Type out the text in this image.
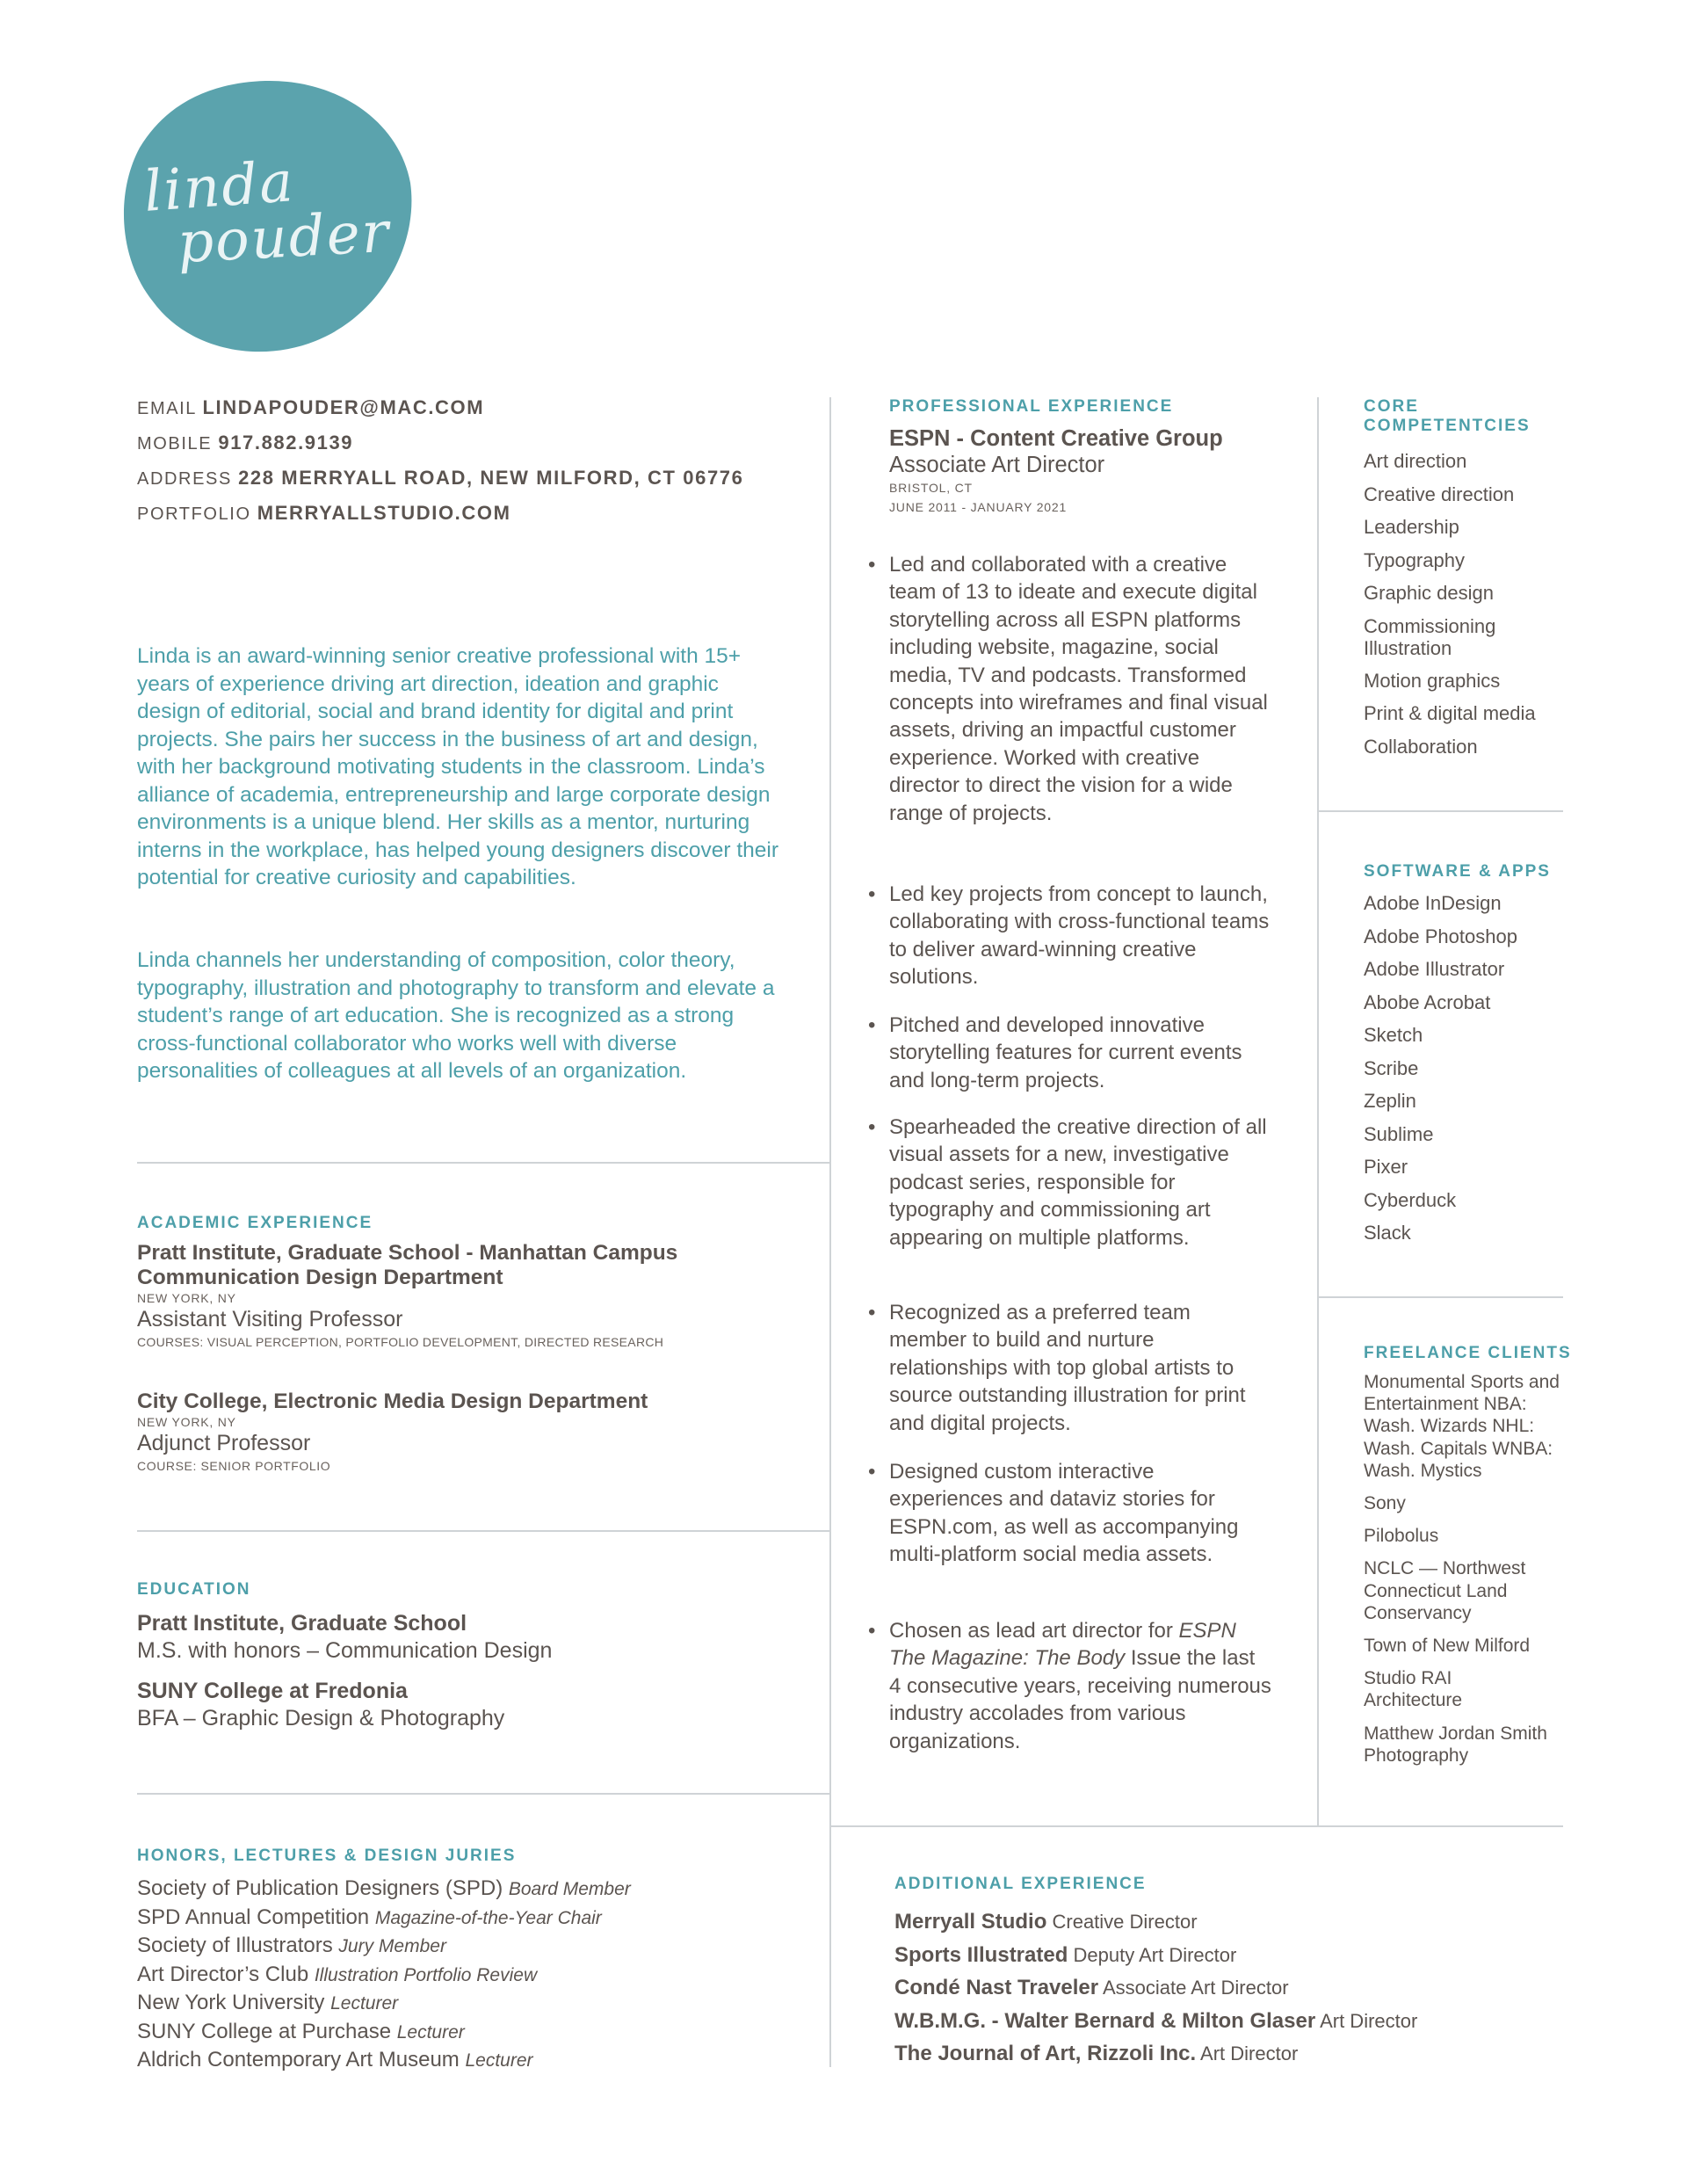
linda
pouder
EMAIL LINDAPOUDER@MAC.COM
MOBILE 917.882.9139
ADDRESS 228 MERRYALL ROAD, NEW MILFORD, CT 06776
PORTFOLIO MERRYALLSTUDIO.COM
Linda is an award-winning senior creative professional with 15+ years of experience driving art direction, ideation and graphic design of editorial, social and brand identity for digital and print projects. She pairs her success in the business of art and design, with her background motivating students in the classroom. Linda’s alliance of academia, entrepreneurship and large corporate design environments is a unique blend. Her skills as a mentor, nurturing interns in the workplace, has helped young designers discover their potential for creative curiosity and capabilities.
Linda channels her understanding of composition, color theory, typography, illustration and photography to transform and elevate a student’s range of art education. She is recognized as a strong cross-functional collaborator who works well with diverse personalities of colleagues at all levels of an organization.
ACADEMIC EXPERIENCE
Pratt Institute, Graduate School - Manhattan Campus
Communication Design Department
NEW YORK, NY
Assistant Visiting Professor
COURSES: VISUAL PERCEPTION, PORTFOLIO DEVELOPMENT, DIRECTED RESEARCH
City College, Electronic Media Design Department
NEW YORK, NY
Adjunct Professor
COURSE: SENIOR PORTFOLIO
EDUCATION
Pratt Institute, Graduate School
M.S. with honors – Communication Design
SUNY College at Fredonia
BFA – Graphic Design & Photography
HONORS, LECTURES & DESIGN JURIES
Society of Publication Designers (SPD) Board Member
SPD Annual Competition Magazine-of-the-Year Chair
Society of Illustrators Jury Member
Art Director’s Club Illustration Portfolio Review
New York University Lecturer
SUNY College at Purchase Lecturer
Aldrich Contemporary Art Museum Lecturer
PROFESSIONAL EXPERIENCE
ESPN - Content Creative Group
Associate Art Director
BRISTOL, CT
JUNE 2011 - JANUARY 2021
• Led and collaborated with a creative team of 13 to ideate and execute digital storytelling across all ESPN platforms including website, magazine, social media, TV and podcasts. Transformed concepts into wireframes and final visual assets, driving an impactful customer experience. Worked with creative director to direct the vision for a wide range of projects.
• Led key projects from concept to launch, collaborating with cross-functional teams to deliver award-winning creative solutions.
• Pitched and developed innovative storytelling features for current events and long-term projects.
• Spearheaded the creative direction of all visual assets for a new, investigative podcast series, responsible for typography and commissioning art appearing on multiple platforms.
• Recognized as a preferred team member to build and nurture relationships with top global artists to source outstanding illustration for print and digital projects.
• Designed custom interactive experiences and dataviz stories for ESPN.com, as well as accompanying multi-platform social media assets.
• Chosen as lead art director for ESPN The Magazine: The Body Issue the last 4 consecutive years, receiving numerous industry accolades from various organizations.
CORE COMPETENTCIES
Art direction
Creative direction
Leadership
Typography
Graphic design
Commissioning Illustration
Motion graphics
Print & digital media
Collaboration
SOFTWARE & APPS
Adobe InDesign
Adobe Photoshop
Adobe Illustrator
Abobe Acrobat
Sketch
Scribe
Zeplin
Sublime
Pixer
Cyberduck
Slack
FREELANCE CLIENTS
Monumental Sports and Entertainment NBA: Wash. Wizards NHL: Wash. Capitals WNBA: Wash. Mystics
Sony
Pilobolus
NCLC — Northwest Connecticut Land Conservancy
Town of New Milford
Studio RAI Architecture
Matthew Jordan Smith Photography
ADDITIONAL EXPERIENCE
Merryall Studio Creative Director
Sports Illustrated Deputy Art Director
Condé Nast Traveler Associate Art Director
W.B.M.G. - Walter Bernard & Milton Glaser Art Director
The Journal of Art, Rizzoli Inc. Art Director
